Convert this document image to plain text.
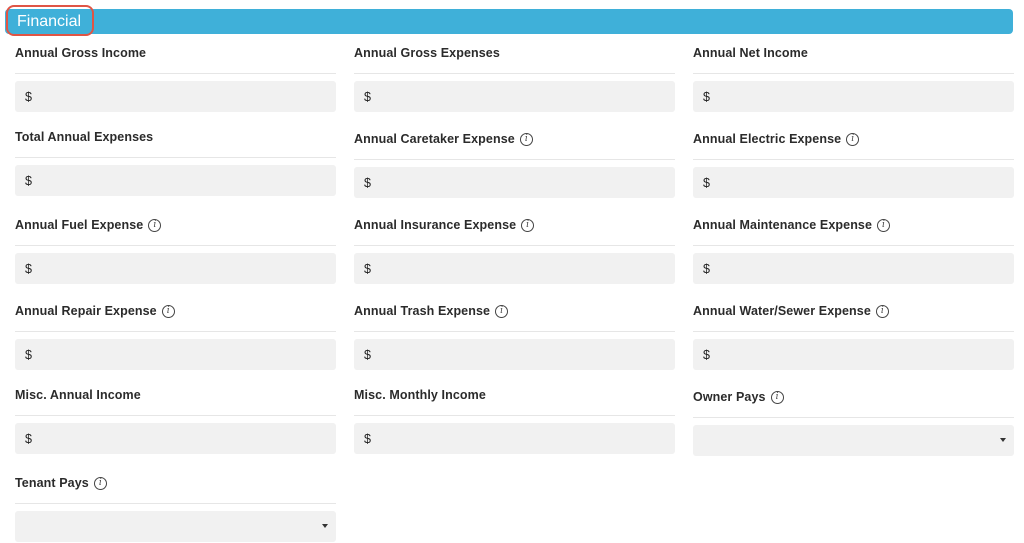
Financial
Annual Gross Income
$
Annual Gross Expenses
$
Annual Net Income
$
Total Annual Expenses
$
Annual Caretaker Expense	i
$
Annual Electric Expense	i
$
Annual Fuel Expense	i
$
Annual Insurance Expense	i
$
Annual Maintenance Expense	i
$
Annual Repair Expense	i
$
Annual Trash Expense	i
$
Annual Water/Sewer Expense	i
$
Misc. Annual Income
$
Misc. Monthly Income
$
Owner Pays	i
Tenant Pays	i
